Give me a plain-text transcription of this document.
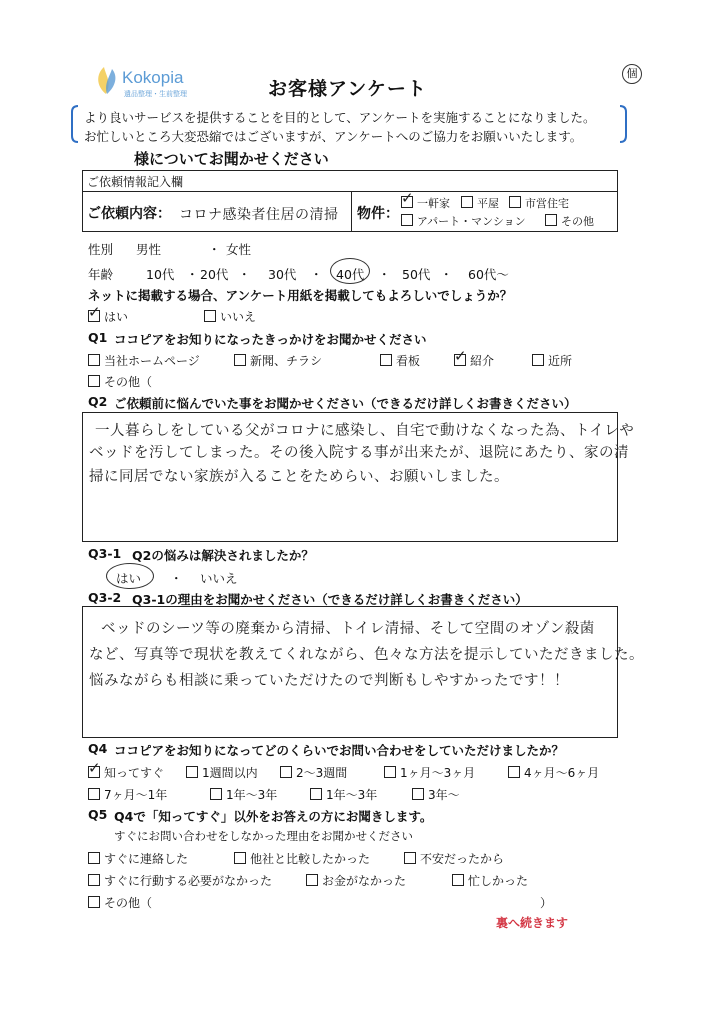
Kokopia
遺品整理・生前整理
個
お客様アンケート

より良いサービスを提供することを目的として、アンケートを実施することになりました。
お忙しいところ大変恐縮ではございますが、アンケートへのご協力をお願いいたします。
様についてお聞かせください
ご依頼情報記入欄
ご依頼内容： コロナ感染者住居の清掃 物件：
✓一軒家	平屋	市営住宅
アパート・マンション	その他
性別 男性	・ 女性
年齢	10代 ・ 20代 ・ 30代 ・ 40代 ・ 50代 ・ 60代〜
ネットに掲載する場合、アンケート用紙を掲載してもよろしいでしょうか？
✓はい	いいえ
Q1 ココピアをお知りになったきっかけをお聞かせください
当社ホームページ	新聞、チラシ	看板
✓	紹介	近所
その他（
Q2 ご依頼前に悩んでいた事をお聞かせください（できるだけ詳しくお書きください）
一人暮らしをしている父がコロナに感染し、自宅で動けなくなった為、トイレや
ベッドを汚してしまった。その後入院する事が出来たが、退院にあたり、家の清
掃に同居でない家族が入ることをためらい、お願いしました。
Q3-1 Q2の悩みは解決されましたか？
はい ・ いいえ
Q3-2 Q3-1の理由をお聞かせください（できるだけ詳しくお書きください）
ベッドのシーツ等の廃棄から清掃、トイレ清掃、そして空間のオゾン殺菌
など、写真等で現状を教えてくれながら、色々な方法を提示していただきました。
悩みながらも相談に乗っていただけたので判断もしやすかったです！！
Q4 ココピアをお知りになってどのくらいでお問い合わせをしていただけましたか？
✓知ってすぐ	1週間以内	2〜3週間	1ヶ月〜3ヶ月	4ヶ月〜6ヶ月
7ヶ月〜1年	1年〜3年	1年〜3年	3年〜
Q5 Q4で「知ってすぐ」以外をお答えの方にお聞きします。
すぐにお問い合わせをしなかった理由をお聞かせください
すぐに連絡した	他社と比較したかった	不安だったから
すぐに行動する必要がなかった	お金がなかった	忙しかった
その他（	）
裏へ続きます
